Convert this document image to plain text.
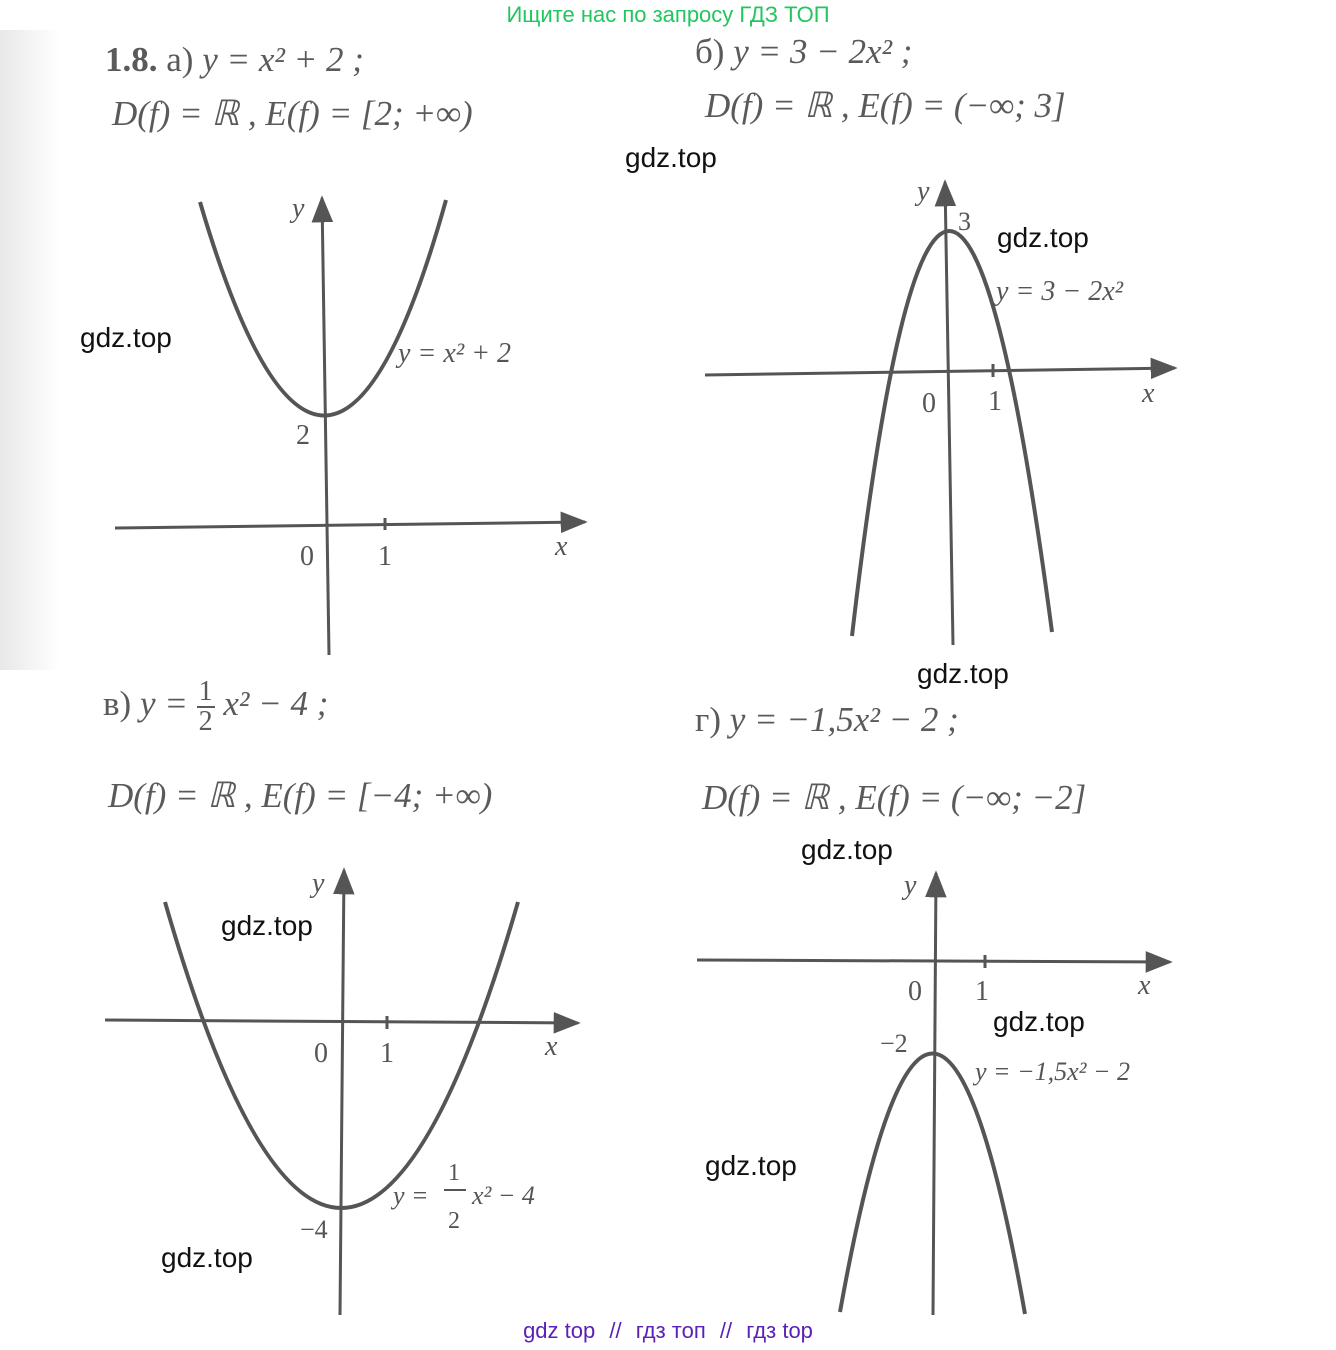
Ищите нас по запросу ГДЗ ТОП
1.8. а) y = x² + 2 ;
D(f) = ℝ , E(f) = [2; +∞)
б) y = 3 − 2x² ;
D(f) = ℝ , E(f) = (−∞; 3]
в) $y = \frac{1}{2} x^2 - 4$ ;
D(f) = ℝ , E(f) = [−4; +∞)
г) y = −1,5x² − 2 ;
D(f) = ℝ , E(f) = (−∞; −2]
y
2
0 1	x
y = x² + 2
y
3
0 1	x
y = 3 − 2x²
y
−4
0 1	x
y =
1
2
x² − 4
y
−2
0 1	x
y = −1,5x² − 2
gdz.top
gdz.top
gdz.top
gdz.top
gdz.top
gdz.top
gdz.top
gdz.top
gdz.top
gdz top // гдз топ // гдз top
